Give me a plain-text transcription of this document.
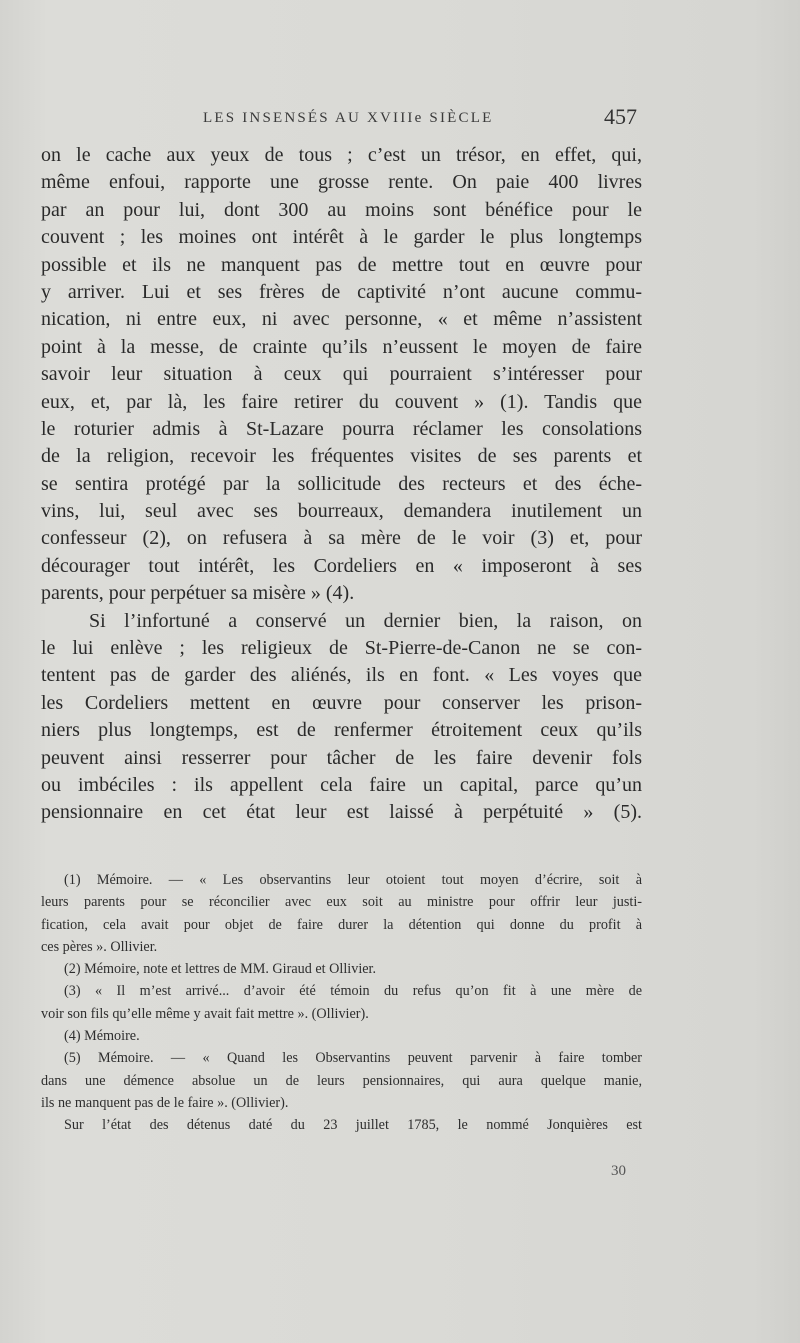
LES INSENSÉS AU XVIIIe SIÈCLE	457
on le cache aux yeux de tous ; c’est un trésor, en effet, qui,
même enfoui, rapporte une grosse rente. On paie 400 livres
par an pour lui, dont 300 au moins sont bénéfice pour le
couvent ; les moines ont intérêt à le garder le plus longtemps
possible et ils ne manquent pas de mettre tout en œuvre pour
y arriver. Lui et ses frères de captivité n’ont aucune commu-
nication, ni entre eux, ni avec personne, « et même n’assistent
point à la messe, de crainte qu’ils n’eussent le moyen de faire
savoir leur situation à ceux qui pourraient s’intéresser pour
eux, et, par là, les faire retirer du couvent » (1). Tandis que
le roturier admis à St-Lazare pourra réclamer les consolations
de la religion, recevoir les fréquentes visites de ses parents et
se sentira protégé par la sollicitude des recteurs et des éche-
vins, lui, seul avec ses bourreaux, demandera inutilement un
confesseur (2), on refusera à sa mère de le voir (3) et, pour
décourager tout intérêt, les Cordeliers en « imposeront à ses
parents, pour perpétuer sa misère » (4).
Si l’infortuné a conservé un dernier bien, la raison, on
le lui enlève ; les religieux de St-Pierre-de-Canon ne se con-
tentent pas de garder des aliénés, ils en font. « Les voyes que
les Cordeliers mettent en œuvre pour conserver les prison-
niers plus longtemps, est de renfermer étroitement ceux qu’ils
peuvent ainsi resserrer pour tâcher de les faire devenir fols
ou imbéciles : ils appellent cela faire un capital, parce qu’un
pensionnaire en cet état leur est laissé à perpétuité » (5).
(1) Mémoire. — « Les observantins leur otoient tout moyen d’écrire, soit à
leurs parents pour se réconcilier avec eux soit au ministre pour offrir leur justi-
fication, cela avait pour objet de faire durer la détention qui donne du profit à
ces pères ». Ollivier.
(2) Mémoire, note et lettres de MM. Giraud et Ollivier.
(3) « Il m’est arrivé... d’avoir été témoin du refus qu’on fit à une mère de
voir son fils qu’elle même y avait fait mettre ». (Ollivier).
(4) Mémoire.
(5) Mémoire. — « Quand les Observantins peuvent parvenir à faire tomber
dans une démence absolue un de leurs pensionnaires, qui aura quelque manie,
ils ne manquent pas de le faire ». (Ollivier).
Sur l’état des détenus daté du 23 juillet 1785, le nommé Jonquières est
30
